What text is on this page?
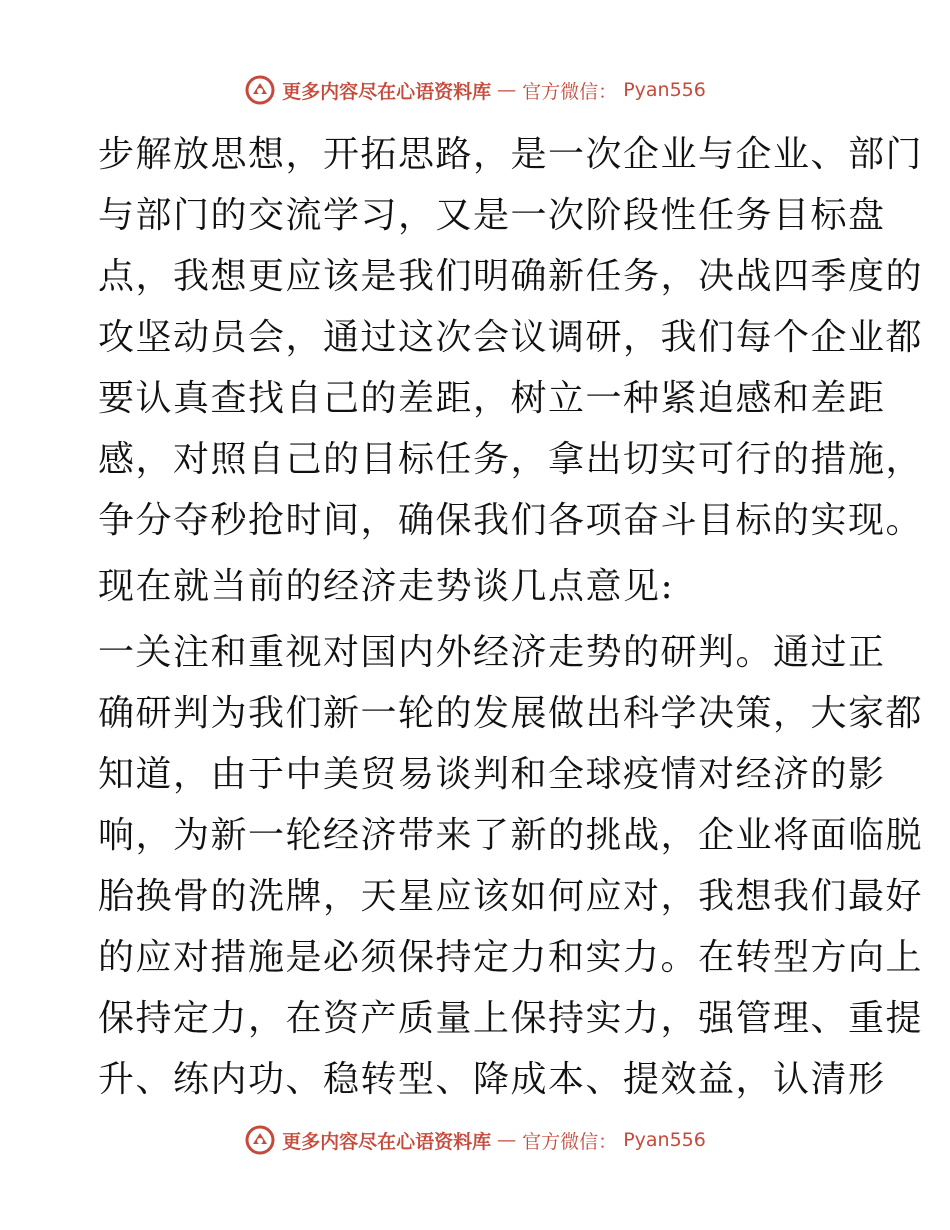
更多内容尽在心语资料库 — 官方微信： Pyan556

步解放思想，开拓思路，是一次企业与企业、部门
与部门的交流学习，又是一次阶段性任务目标盘
点，我想更应该是我们明确新任务，决战四季度的
攻坚动员会，通过这次会议调研，我们每个企业都
要认真查找自己的差距，树立一种紧迫感和差距
感，对照自己的目标任务，拿出切实可行的措施，
争分夺秒抢时间，确保我们各项奋斗目标的实现。

现在就当前的经济走势谈几点意见:

一关注和重视对国内外经济走势的研判。通过正
确研判为我们新一轮的发展做出科学决策，大家都
知道，由于中美贸易谈判和全球疫情对经济的影
响，为新一轮经济带来了新的挑战，企业将面临脱
胎换骨的洗牌，天星应该如何应对，我想我们最好
的应对措施是必须保持定力和实力。在转型方向上
保持定力，在资产质量上保持实力，强管理、重提
升、练内功、稳转型、降成本、提效益，认清形

更多内容尽在心语资料库 — 官方微信： Pyan556
